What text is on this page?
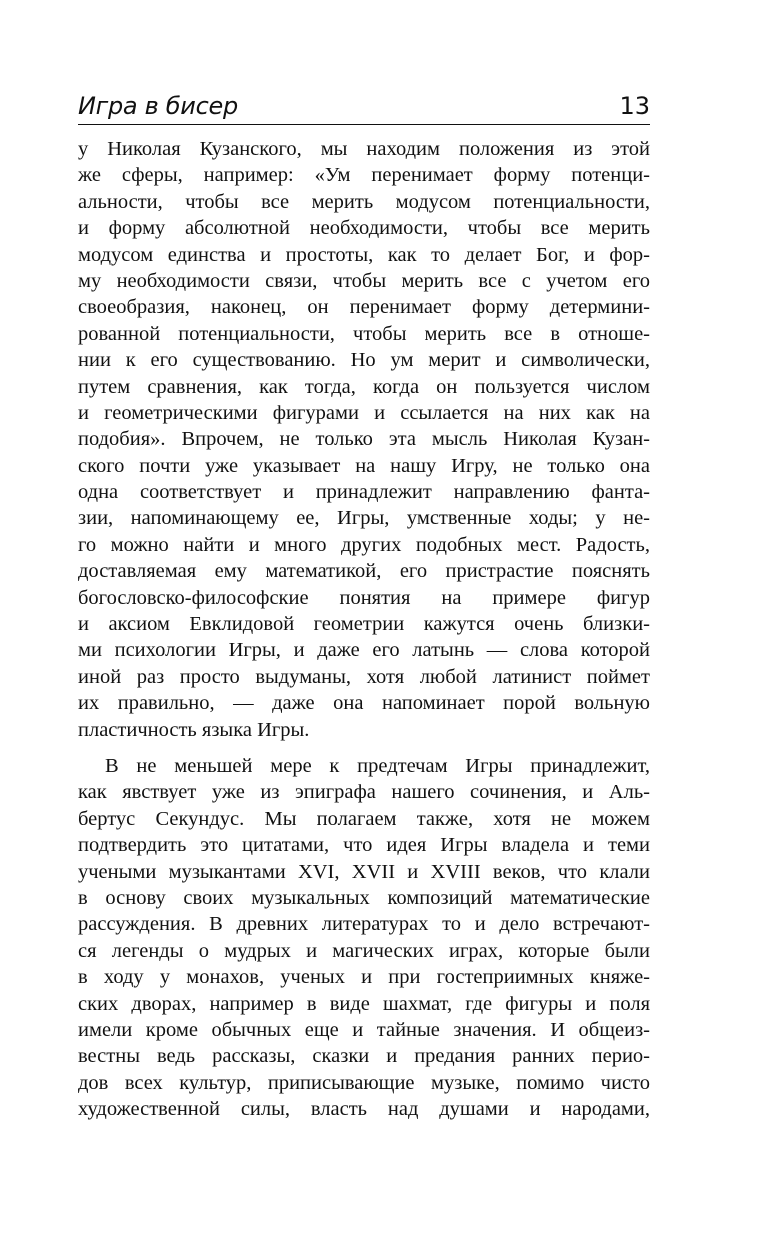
Игра в бисер	13
у Николая Кузанского, мы находим положения из этой
же сферы, например: «Ум перенимает форму потенци-
альности, чтобы все мерить модусом потенциальности,
и форму абсолютной необходимости, чтобы все мерить
модусом единства и простоты, как то делает Бог, и фор-
му необходимости связи, чтобы мерить все с учетом его
своеобразия, наконец, он перенимает форму детермини-
рованной потенциальности, чтобы мерить все в отноше-
нии к его существованию. Но ум мерит и символически,
путем сравнения, как тогда, когда он пользуется числом
и геометрическими фигурами и ссылается на них как на
подобия». Впрочем, не только эта мысль Николая Кузан-
ского почти уже указывает на нашу Игру, не только она
одна соответствует и принадлежит направлению фанта-
зии, напоминающему ее, Игры, умственные ходы; у не-
го можно найти и много других подобных мест. Радость,
доставляемая ему математикой, его пристрастие пояснять
богословско-философские понятия на примере фигур
и аксиом Евклидовой геометрии кажутся очень близки-
ми психологии Игры, и даже его латынь — слова которой
иной раз просто выдуманы, хотя любой латинист поймет
их правильно, — даже она напоминает порой вольную
пластичность языка Игры.
В не меньшей мере к предтечам Игры принадлежит,
как явствует уже из эпиграфа нашего сочинения, и Аль-
бертус Секундус. Мы полагаем также, хотя не можем
подтвердить это цитатами, что идея Игры владела и теми
учеными музыкантами XVI, XVII и XVIII веков, что клали
в основу своих музыкальных композиций математические
рассуждения. В древних литературах то и дело встречают-
ся легенды о мудрых и магических играх, которые были
в ходу у монахов, ученых и при гостеприимных княже-
ских дворах, например в виде шахмат, где фигуры и поля
имели кроме обычных еще и тайные значения. И общеиз-
вестны ведь рассказы, сказки и предания ранних перио-
дов всех культур, приписывающие музыке, помимо чисто
художественной силы, власть над душами и народами,
